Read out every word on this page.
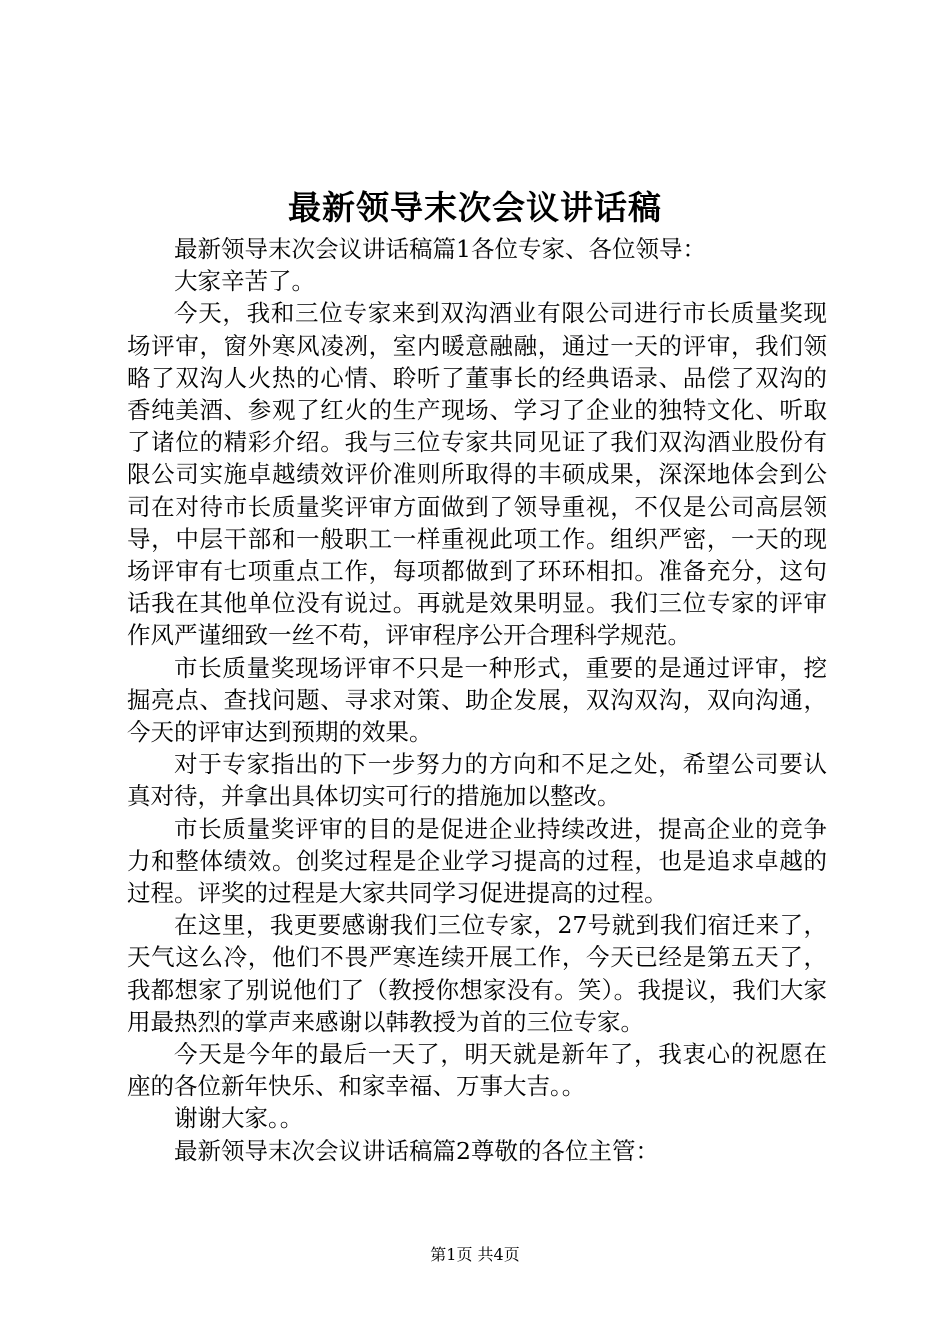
最新领导末次会议讲话稿

最新领导末次会议讲话稿篇1各位专家、各位领导：

大家辛苦了。

今天，我和三位专家来到双沟酒业有限公司进行市长质量奖现场评审，窗外寒风凌冽，室内暖意融融，通过一天的评审，我们领略了双沟人火热的心情、聆听了董事长的经典语录、品偿了双沟的香纯美酒、参观了红火的生产现场、学习了企业的独特文化、听取了诸位的精彩介绍。我与三位专家共同见证了我们双沟酒业股份有限公司实施卓越绩效评价准则所取得的丰硕成果，深深地体会到公司在对待市长质量奖评审方面做到了领导重视，不仅是公司高层领导，中层干部和一般职工一样重视此项工作。组织严密，一天的现场评审有七项重点工作，每项都做到了环环相扣。准备充分，这句话我在其他单位没有说过。再就是效果明显。我们三位专家的评审作风严谨细致一丝不苟，评审程序公开合理科学规范。

市长质量奖现场评审不只是一种形式，重要的是通过评审，挖掘亮点、查找问题、寻求对策、助企发展，双沟双沟，双向沟通，今天的评审达到预期的效果。

对于专家指出的下一步努力的方向和不足之处，希望公司要认真对待，并拿出具体切实可行的措施加以整改。

市长质量奖评审的目的是促进企业持续改进，提高企业的竞争力和整体绩效。创奖过程是企业学习提高的过程，也是追求卓越的过程。评奖的过程是大家共同学习促进提高的过程。

在这里，我更要感谢我们三位专家，27号就到我们宿迁来了，天气这么冷，他们不畏严寒连续开展工作，今天已经是第五天了，我都想家了别说他们了（教授你想家没有。笑）。我提议，我们大家用最热烈的掌声来感谢以韩教授为首的三位专家。

今天是今年的最后一天了，明天就是新年了，我衷心的祝愿在座的各位新年快乐、和家幸福、万事大吉。。

谢谢大家。。

最新领导末次会议讲话稿篇2尊敬的各位主管：

第1页 共4页
